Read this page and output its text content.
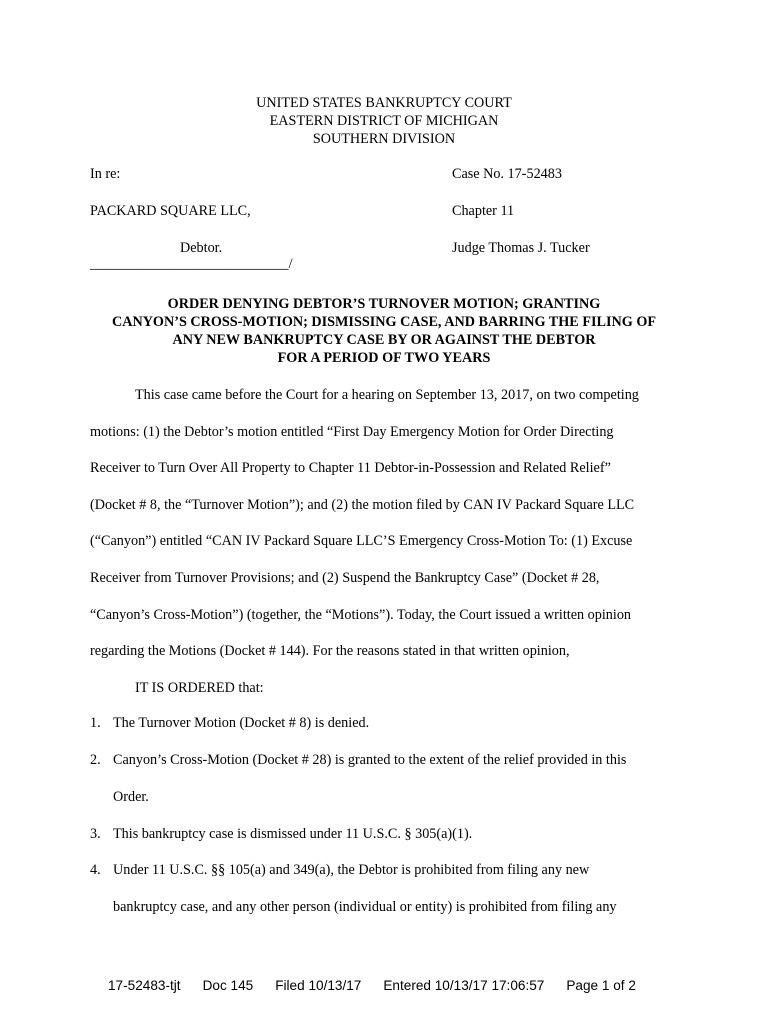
UNITED STATES BANKRUPTCY COURT
EASTERN DISTRICT OF MICHIGAN
SOUTHERN DIVISION
In re:
PACKARD SQUARE LLC,
Debtor.
____________________________/
Case No. 17-52483
Chapter 11
Judge Thomas J. Tucker
ORDER DENYING DEBTOR’S TURNOVER MOTION; GRANTING
CANYON’S CROSS-MOTION; DISMISSING CASE, AND BARRING THE FILING OF
ANY NEW BANKRUPTCY CASE BY OR AGAINST THE DEBTOR
FOR A PERIOD OF TWO YEARS

This case came before the Court for a hearing on September 13, 2017, on two competing

motions: (1) the Debtor’s motion entitled “First Day Emergency Motion for Order Directing

Receiver to Turn Over All Property to Chapter 11 Debtor-in-Possession and Related Relief”

(Docket # 8, the “Turnover Motion”); and (2) the motion filed by CAN IV Packard Square LLC

(“Canyon”) entitled “CAN IV Packard Square LLC’S Emergency Cross-Motion To: (1) Excuse

Receiver from Turnover Provisions; and (2) Suspend the Bankruptcy Case” (Docket # 28,

“Canyon’s Cross-Motion”) (together, the “Motions”). Today, the Court issued a written opinion

regarding the Motions (Docket # 144). For the reasons stated in that written opinion,

IT IS ORDERED that:
1. The Turnover Motion (Docket # 8) is denied.
2. Canyon’s Cross-Motion (Docket # 28) is granted to the extent of the relief provided in this
Order.
3. This bankruptcy case is dismissed under 11 U.S.C. § 305(a)(1).
4. Under 11 U.S.C. §§ 105(a) and 349(a), the Debtor is prohibited from filing any new
bankruptcy case, and any other person (individual or entity) is prohibited from filing any
17-52483-tjt Doc 145 Filed 10/13/17 Entered 10/13/17 17:06:57 Page 1 of 2
